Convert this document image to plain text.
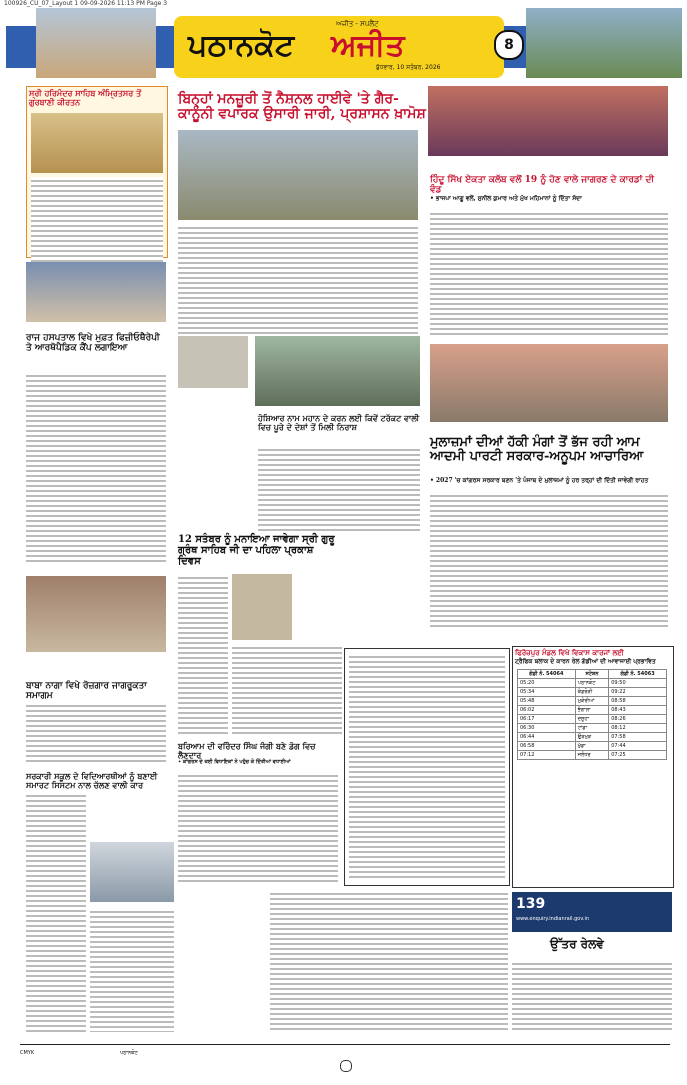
100926_CU_07_Layout 1 09-09-2026 11:13 PM Page 3
ਪਠਾਨਕੋਟ
ਅਜੀਤ - ਸਪਲੈਂਟ
ਅਜੀਤ
ਬੁੱਧਵਾਰ, 10 ਸਤੰਬਰ, 2026
8
ਸ੍ਰੀ ਹਰਿਮੰਦਰ ਸਾਹਿਬ ਅੰਮ੍ਰਿਤਸਰ ਤੋਂ ਗੁਰਬਾਣੀ ਕੀਰਤਨ	ਬਿਨ੍ਹਾਂ ਮਨਜ਼ੂਰੀ ਤੋਂ ਨੈਸ਼ਨਲ ਹਾਈਵੇ 'ਤੇ ਗੈਰ-ਕਾਨੂੰਨੀ ਵਪਾਰਕ ਉਸਾਰੀ ਜਾਰੀ, ਪ੍ਰਸ਼ਾਸਨ ਖ਼ਾਮੋਸ਼
ਹਿੰਦੂ ਸਿੱਖ ਏਕਤਾ ਕਲੱਬ ਵਲੋਂ 19 ਨੂੰ ਹੋਣ ਵਾਲੇ ਜਾਗਰਣ ਦੇ ਕਾਰਡਾਂ ਦੀ ਵੰਡ
• ਭਾਜਪਾ ਆਗੂ ਵਲੋਂ, ਸੁਨੀਲ ਕੁਮਾਰ ਅਤੇ ਮੁੱਖ ਮਹਿਮਾਨਾਂ ਨੂੰ ਦਿੱਤਾ ਸੱਦਾ
ਰਾਜ ਹਸਪਤਾਲ ਵਿਖੇ ਮੁਫ਼ਤ ਫਿਜ਼ੀਓਥੈਰੇਪੀ ਤੇ ਆਰਥੋਪੈਡਿਕ ਕੈਂਪ ਲਗਾਇਆ
ਹੋਸ਼ਿਆਰ ਨਾਮ ਮਹਾਨ ਦੇ ਕਰਨ ਲਈ ਕਿਵੇਂ ਟਰੱਕਟ ਵਾਲੀ ਵਿਚ ਪੂਰੇ ਦੇ ਦੇਸ਼ਾਂ ਤੋਂ ਮਿਲੀ ਨਿਰਾਸ਼
ਮੁਲਾਜ਼ਮਾਂ ਦੀਆਂ ਹੱਕੀ ਮੰਗਾਂ ਤੋਂ ਭੱਜ ਰਹੀ ਆਮ ਆਦਮੀ ਪਾਰਟੀ ਸਰਕਾਰ-ਅਨੂਪਮ ਆਚਾਰਿਆ
• 2027 'ਚ ਕਾਂਗਰਸ ਸਰਕਾਰ ਬਣਨ 'ਤੇ ਪੰਜਾਬ ਦੇ ਮੁਲਾਜ਼ਮਾਂ ਨੂੰ ਹਰ ਤਰ੍ਹਾਂ ਦੀ ਦਿੱਤੀ ਜਾਵੇਗੀ ਰਾਹਤ
12 ਸਤੰਬਰ ਨੂੰ ਮਨਾਇਆ ਜਾਵੇਗਾ ਸ੍ਰੀ ਗੁਰੂ ਗ੍ਰੰਥ ਸਾਹਿਬ ਜੀ ਦਾ ਪਹਿਲਾ ਪ੍ਰਕਾਸ਼ ਦਿਵਸ
ਬਾਬਾ ਨਾਗਾ ਵਿਖੇ ਰੋਜ਼ਗਾਰ ਜਾਗਰੂਕਤਾ ਸਮਾਗਮ
ਬਰਿਆਮ ਦੀ ਵਰਿੰਦਰ ਸਿੰਘ ਜੰਗੀ ਬਣੇ ਡੋਗ ਵਿਚ ਲੈਣਦਾਰ
• ਕਾਂਗਰਸ ਦੇ ਕਈ ਵਿਧਾਇਕਾਂ ਨੇ ਪਹੁੰਚ ਕੇ ਦਿੱਤੀਆਂ ਵਧਾਈਆਂ
ਸਰਕਾਰੀ ਸਕੂਲ ਦੇ ਵਿਦਿਆਰਥੀਆਂ ਨੂੰ ਬਣਾਈ ਸਮਾਰਟ ਸਿਸਟਮ ਨਾਲ ਚੱਲਣ ਵਾਲੀ ਕਾਰ
ਫਿਰੋਜ਼ਪੁਰ ਮੰਡਲ ਵਿਖੇ ਵਿਕਾਸ ਕਾਰਜਾਂ ਲਈ
ਟ੍ਰੈਫਿਕ ਬਲਾਕ ਦੇ ਕਾਰਨ ਰੇਲ ਗੱਡੀਆਂ ਦੀ ਆਵਾਜਾਈ ਪ੍ਰਭਾਵਿਤ
ਗੱਡੀ ਨੰ. 54064	ਸਟੇਸ਼ਨ	ਗੱਡੀ ਨੰ. 54063
05:20	ਪਠਾਨਕੋਟ	09:50
05:34	ਕੰਡਰੋੜੀ	09:22
05:48	ਮੁਕੇਰੀਆਂ	08:58
06:02	ਭੰਗਾਲਾ	08:43
06:17	ਦਸੂਹਾ	08:26
06:30	ਟਾਂਡਾ	08:12
06:44	ਉੜਮੁੜ	07:58
06:58	ਖੁੱਡਾ	07:44
07:12	ਜਲੰਧਰ	07:25
139
www.enquiry.indianrail.gov.in
ਉੱਤਰ ਰੇਲਵੇ
CMYK	ਪਠਾਨਕੋਟ
